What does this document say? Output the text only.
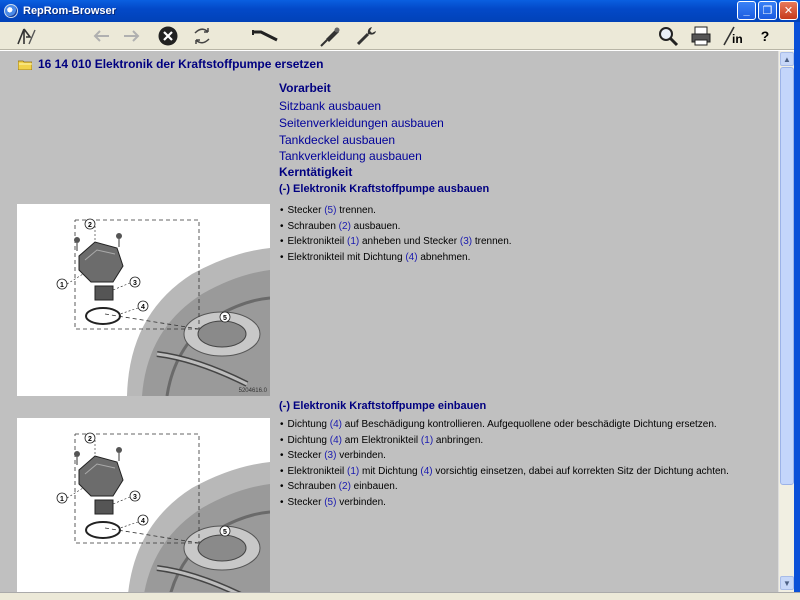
RepRom-Browser	_ ❐ ✕
in ?
16 14 010 Elektronik der Kraftstoffpumpe ersetzen
Vorarbeit
Sitzbank ausbauen
Seitenverkleidungen ausbauen
Tankdeckel ausbauen
Tankverkleidung ausbauen
Kerntätigkeit
(-) Elektronik Kraftstoffpumpe ausbauen
• Stecker (5) trennen.
• Schrauben (2) ausbauen.
• Elektronikteil (1) anheben und Stecker (3) trennen.
• Elektronikteil mit Dichtung (4) abnehmen.
2
1	3
4
5
5204616.0
(-) Elektronik Kraftstoffpumpe einbauen
• Dichtung (4) auf Beschädigung kontrollieren. Aufgequollene oder beschädigte Dichtung ersetzen.
• Dichtung (4) am Elektronikteil (1) anbringen.
• Stecker (3) verbinden.
• Elektronikteil (1) mit Dichtung (4) vorsichtig einsetzen, dabei auf korrekten Sitz der Dichtung achten.
• Schrauben (2) einbauen.
• Stecker (5) verbinden.
2
1	3
4
5
▲
▼
